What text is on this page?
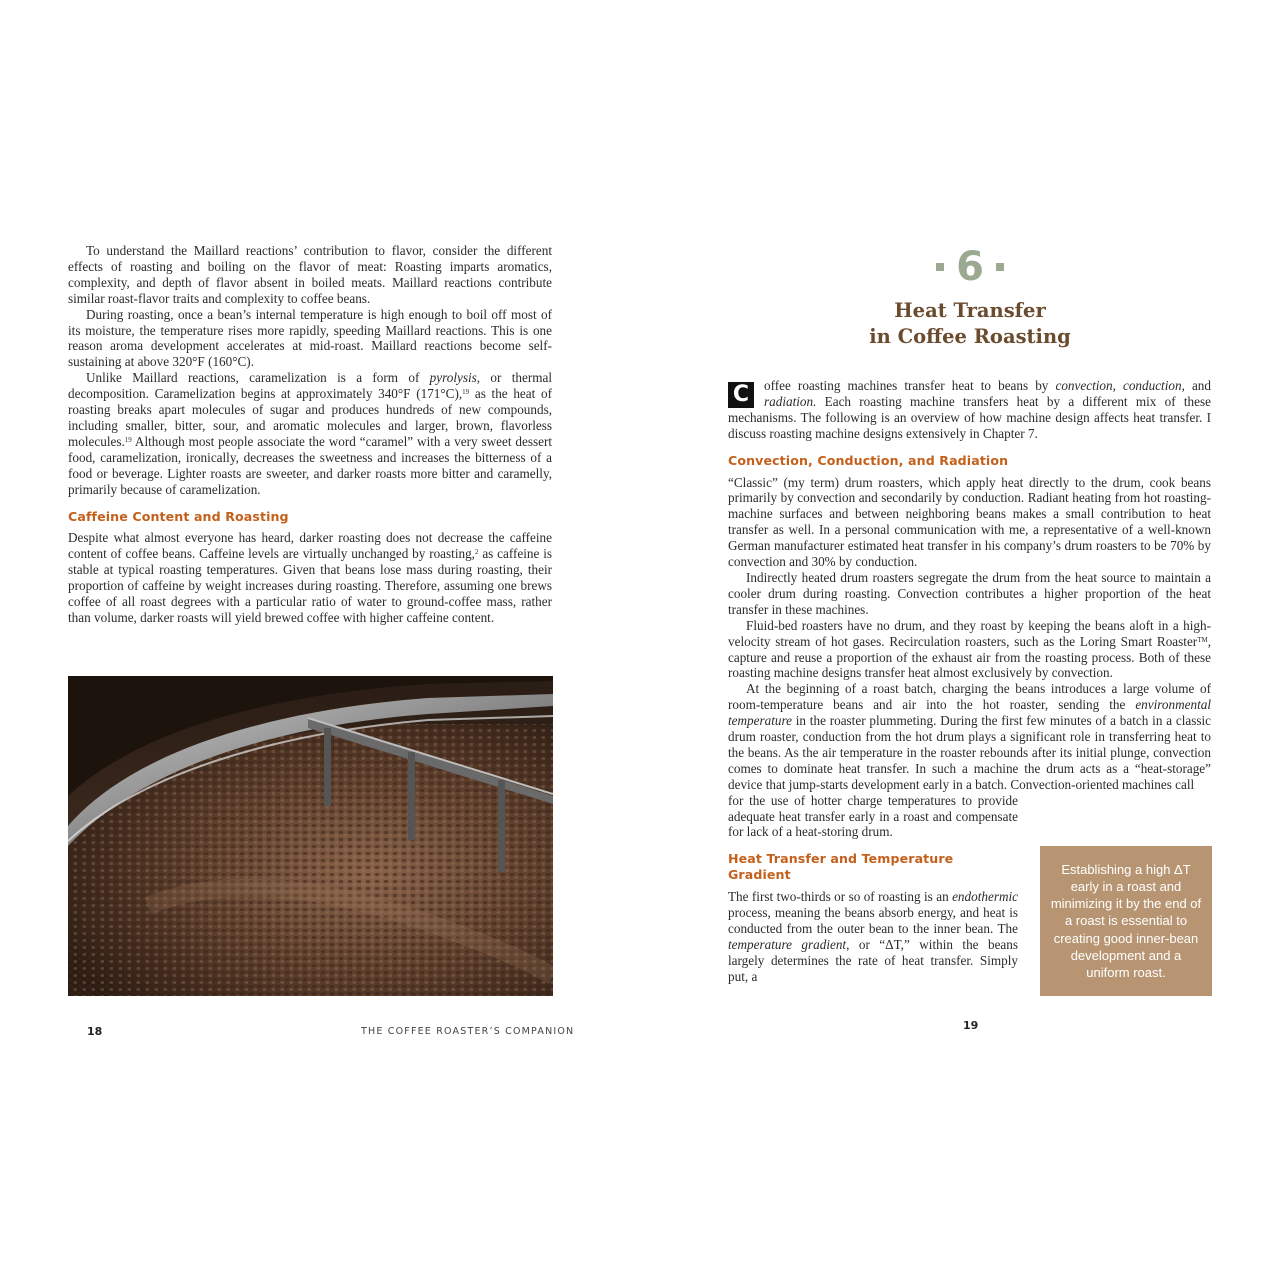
To understand the Maillard reactions’ contribution to flavor, consider the different effects of roasting and boiling on the flavor of meat: Roasting imparts aromatics, complexity, and depth of flavor absent in boiled meats. Maillard reactions contribute similar roast-flavor traits and complexity to coffee beans.

During roasting, once a bean’s internal temperature is high enough to boil off most of its moisture, the temperature rises more rapidly, speeding Maillard reactions. This is one reason aroma development accelerates at mid-roast. Maillard reactions become self-sustaining at above 320°F (160°C).

Unlike Maillard reactions, caramelization is a form of pyrolysis, or thermal decomposition. Caramelization begins at approximately 340°F (171°C),$^{19}$ as the heat of roasting breaks apart molecules of sugar and produces hundreds of new compounds, including smaller, bitter, sour, and aromatic molecules and larger, brown, flavorless molecules.$^{19}$ Although most people associate the word “caramel” with a very sweet dessert food, caramelization, ironically, decreases the sweetness and increases the bitterness of a food or beverage. Lighter roasts are sweeter, and darker roasts more bitter and caramelly, primarily because of caramelization.

Caffeine Content and Roasting

Despite what almost everyone has heard, darker roasting does not decrease the caffeine content of coffee beans. Caffeine levels are virtually unchanged by roasting,$^2$ as caffeine is stable at typical roasting temperatures. Given that beans lose mass during roasting, their proportion of caffeine by weight increases during roasting. Therefore, assuming one brews coffee of all roast degrees with a particular ratio of water to ground-coffee mass, rather than volume, darker roasts will yield brewed coffee with higher caffeine content.

18	THE COFFEE ROASTER’S COMPANION
6
Heat Transfer
in Coffee Roasting

C	offee roasting machines transfer heat to beans by convection, conduction, and radiation. Each roasting machine transfers heat by a different mix of these mechanisms. The following is an overview of how machine design affects heat transfer. I discuss roasting machine designs extensively in Chapter 7.

Convection, Conduction, and Radiation

“Classic” (my term) drum roasters, which apply heat directly to the drum, cook beans primarily by convection and secondarily by conduction. Radiant heating from hot roasting-machine surfaces and between neighboring beans makes a small contribution to heat transfer as well. In a personal communication with me, a representative of a well-known German manufacturer estimated heat transfer in his company’s drum roasters to be 70% by convection and 30% by conduction.

Indirectly heated drum roasters segregate the drum from the heat source to maintain a cooler drum during roasting. Convection contributes a higher proportion of the heat transfer in these machines.

Fluid-bed roasters have no drum, and they roast by keeping the beans aloft in a high-velocity stream of hot gases. Recirculation roasters, such as the Loring Smart Roaster™, capture and reuse a proportion of the exhaust air from the roasting process. Both of these roasting machine designs transfer heat almost exclusively by convection.

At the beginning of a roast batch, charging the beans introduces a large volume of room-temperature beans and air into the hot roaster, sending the environmental temperature in the roaster plummeting. During the first few minutes of a batch in a classic drum roaster, conduction from the hot drum plays a significant role in transferring heat to the beans. As the air temperature in the roaster rebounds after its initial plunge, convection comes to dominate heat transfer. In such a machine the drum acts as a “heat-storage” device that jump-starts development early in a batch. Convection-oriented machines call

for the use of hotter charge temperatures to provide adequate heat transfer early in a roast and compensate for lack of a heat-storing drum.

Heat Transfer and Temperature Gradient

The first two-thirds or so of roasting is an endothermic process, meaning the beans absorb energy, and heat is conducted from the outer bean to the inner bean. The temperature gradient, or “ΔT,” within the beans largely determines the rate of heat transfer. Simply put, a

Establishing a high ΔT early in a roast and minimizing it by the end of a roast is essential to creating good inner-bean development and a uniform roast.
19
